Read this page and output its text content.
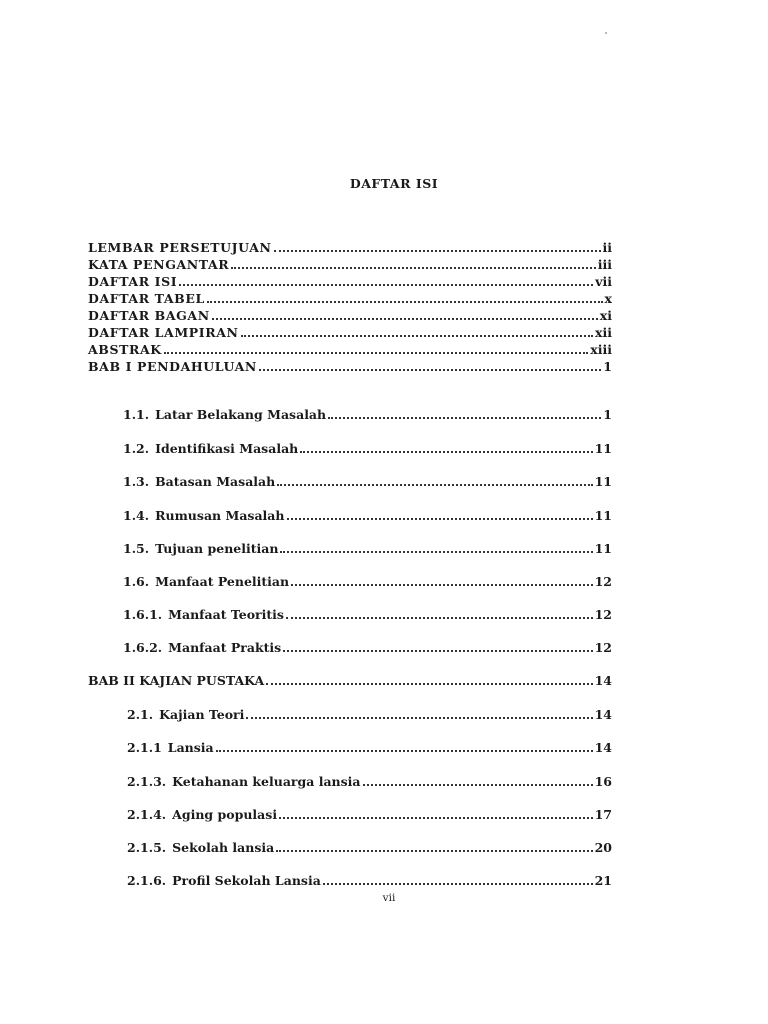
DAFTAR ISI
LEMBAR PERSETUJUAN	ii
KATA PENGANTAR	iii
DAFTAR ISI	vii
DAFTAR TABEL	x
DAFTAR BAGAN	xi
DAFTAR LAMPIRAN	xii
ABSTRAK	xiii
BAB I PENDAHULUAN	1
1.1. Latar Belakang Masalah	1
1.2. Identifikasi Masalah	11
1.3. Batasan Masalah	11
1.4. Rumusan Masalah	11
1.5. Tujuan penelitian	11
1.6. Manfaat Penelitian	12
1.6.1. Manfaat Teoritis	12
1.6.2. Manfaat Praktis	12
BAB II KAJIAN PUSTAKA	14
2.1. Kajian Teori	14
2.1.1 Lansia	14
2.1.3. Ketahanan keluarga lansia	16
2.1.4. Aging populasi	17
2.1.5. Sekolah lansia	20
2.1.6. Profil Sekolah Lansia	21
vii
